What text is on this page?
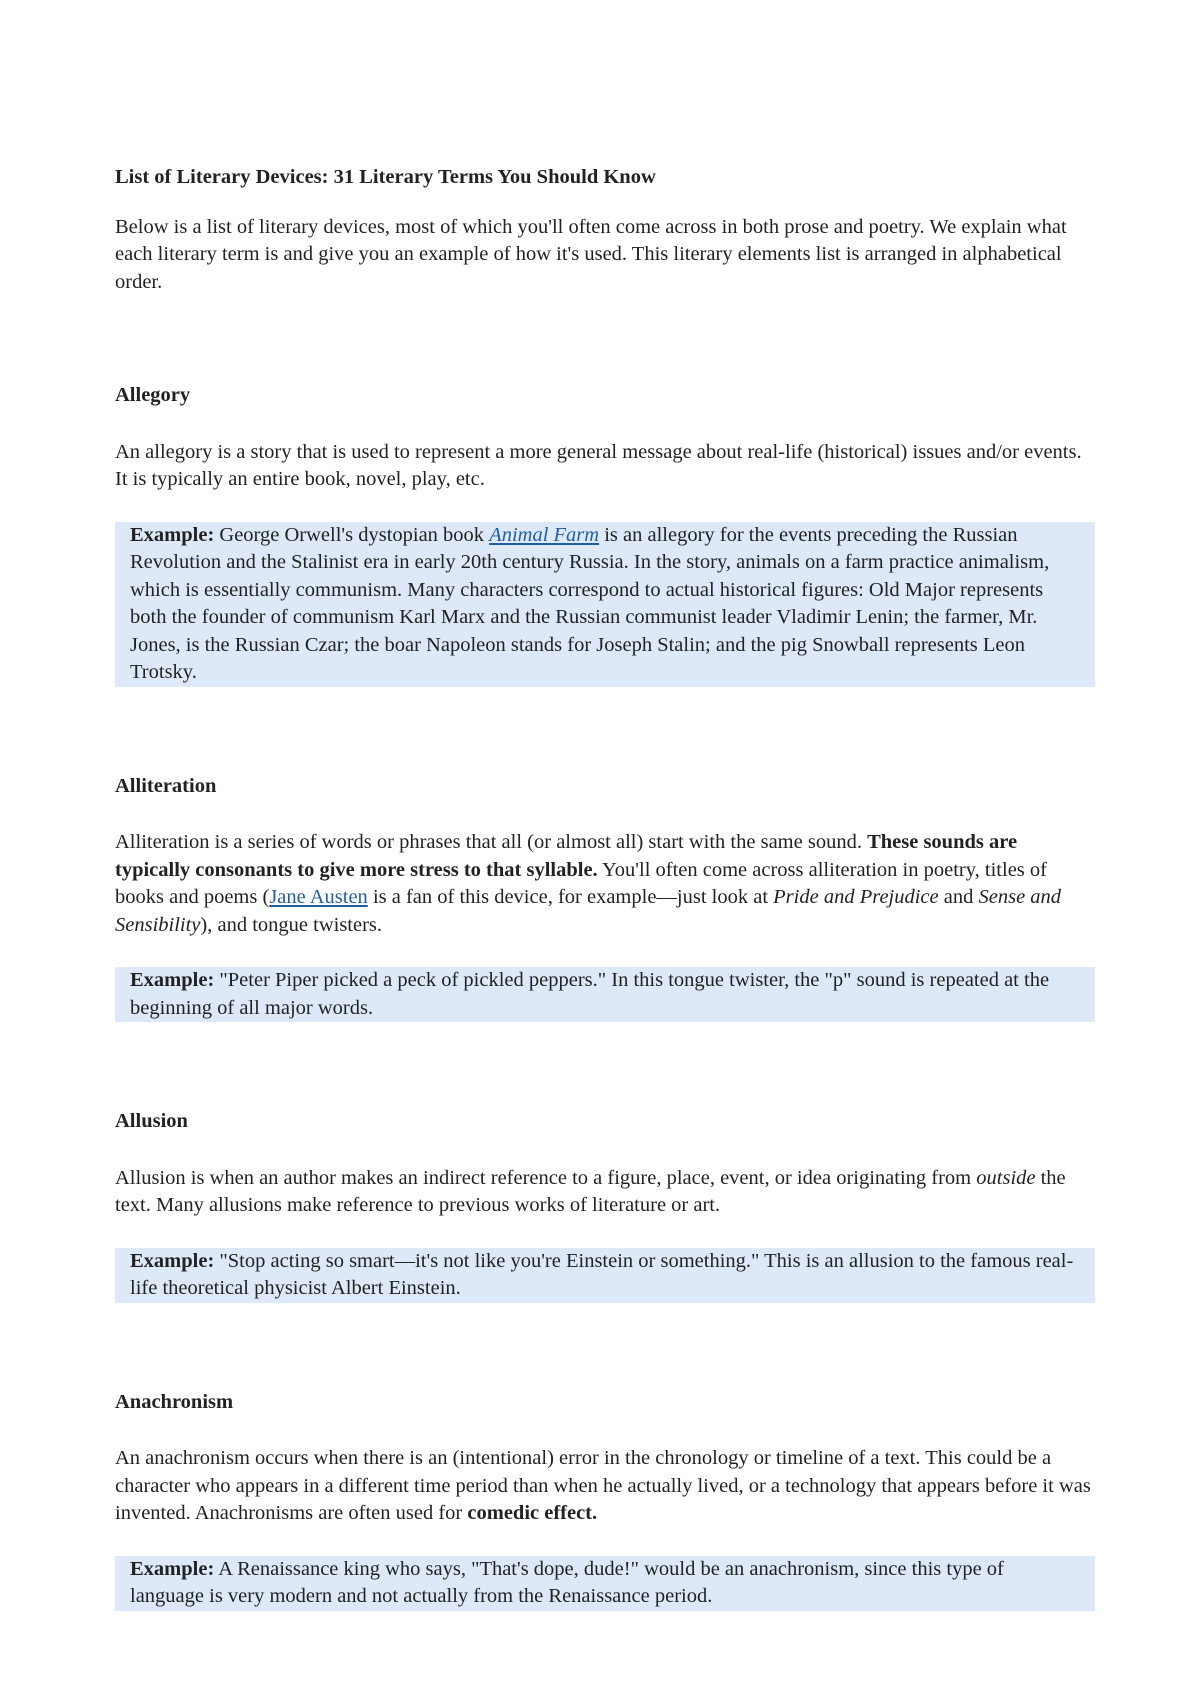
List of Literary Devices: 31 Literary Terms You Should Know

Below is a list of literary devices, most of which you'll often come across in both prose and poetry. We explain what each literary term is and give you an example of how it's used. This literary elements list is arranged in alphabetical order.

Allegory

An allegory is a story that is used to represent a more general message about real-life (historical) issues and/or events. It is typically an entire book, novel, play, etc.

Example: George Orwell's dystopian book Animal Farm is an allegory for the events preceding the Russian Revolution and the Stalinist era in early 20th century Russia. In the story, animals on a farm practice animalism, which is essentially communism. Many characters correspond to actual historical figures: Old Major represents both the founder of communism Karl Marx and the Russian communist leader Vladimir Lenin; the farmer, Mr. Jones, is the Russian Czar; the boar Napoleon stands for Joseph Stalin; and the pig Snowball represents Leon Trotsky.

Alliteration

Alliteration is a series of words or phrases that all (or almost all) start with the same sound. These sounds are typically consonants to give more stress to that syllable. You'll often come across alliteration in poetry, titles of books and poems (Jane Austen is a fan of this device, for example—just look at Pride and Prejudice and Sense and Sensibility), and tongue twisters.

Example: "Peter Piper picked a peck of pickled peppers." In this tongue twister, the "p" sound is repeated at the beginning of all major words.

Allusion

Allusion is when an author makes an indirect reference to a figure, place, event, or idea originating from outside the text. Many allusions make reference to previous works of literature or art.

Example: "Stop acting so smart—it's not like you're Einstein or something." This is an allusion to the famous real-life theoretical physicist Albert Einstein.

Anachronism

An anachronism occurs when there is an (intentional) error in the chronology or timeline of a text. This could be a character who appears in a different time period than when he actually lived, or a technology that appears before it was invented. Anachronisms are often used for comedic effect.

Example: A Renaissance king who says, "That's dope, dude!" would be an anachronism, since this type of language is very modern and not actually from the Renaissance period.
